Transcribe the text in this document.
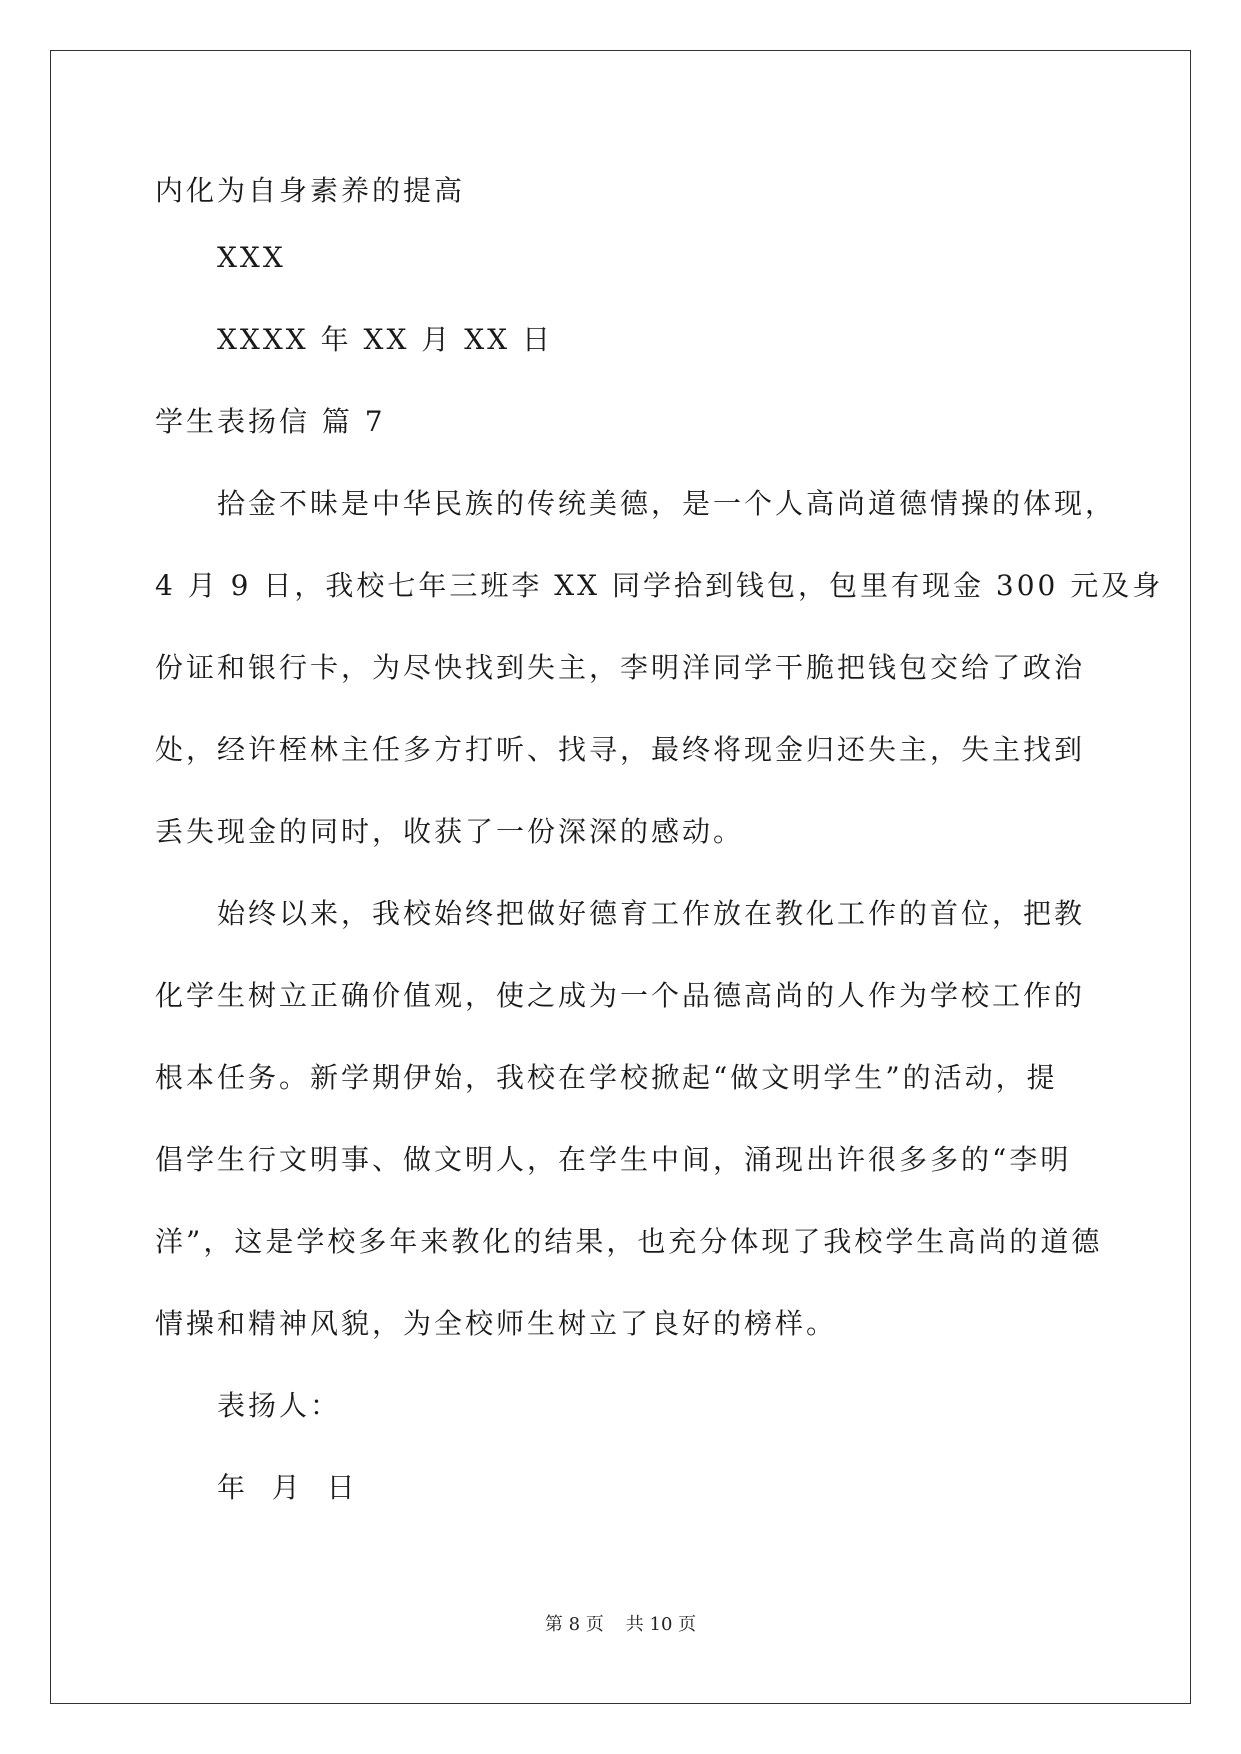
内化为自身素养的提高
XXX
XXXX 年 XX 月 XX 日
学生表扬信 篇 7
拾金不昧是中华民族的传统美德，是一个人高尚道德情操的体现，
4 月 9 日，我校七年三班李 XX 同学拾到钱包，包里有现金 300 元及身
份证和银行卡，为尽快找到失主，李明洋同学干脆把钱包交给了政治
处，经许桎林主任多方打听、找寻，最终将现金归还失主，失主找到
丢失现金的同时，收获了一份深深的感动。
始终以来，我校始终把做好德育工作放在教化工作的首位，把教
化学生树立正确价值观，使之成为一个品德高尚的人作为学校工作的
根本任务。新学期伊始，我校在学校掀起“做文明学生”的活动，提
倡学生行文明事、做文明人，在学生中间，涌现出许很多多的“李明
洋”，这是学校多年来教化的结果，也充分体现了我校学生高尚的道德
情操和精神风貌，为全校师生树立了良好的榜样。
表扬人：
年  月  日
第 8 页 共 10 页
